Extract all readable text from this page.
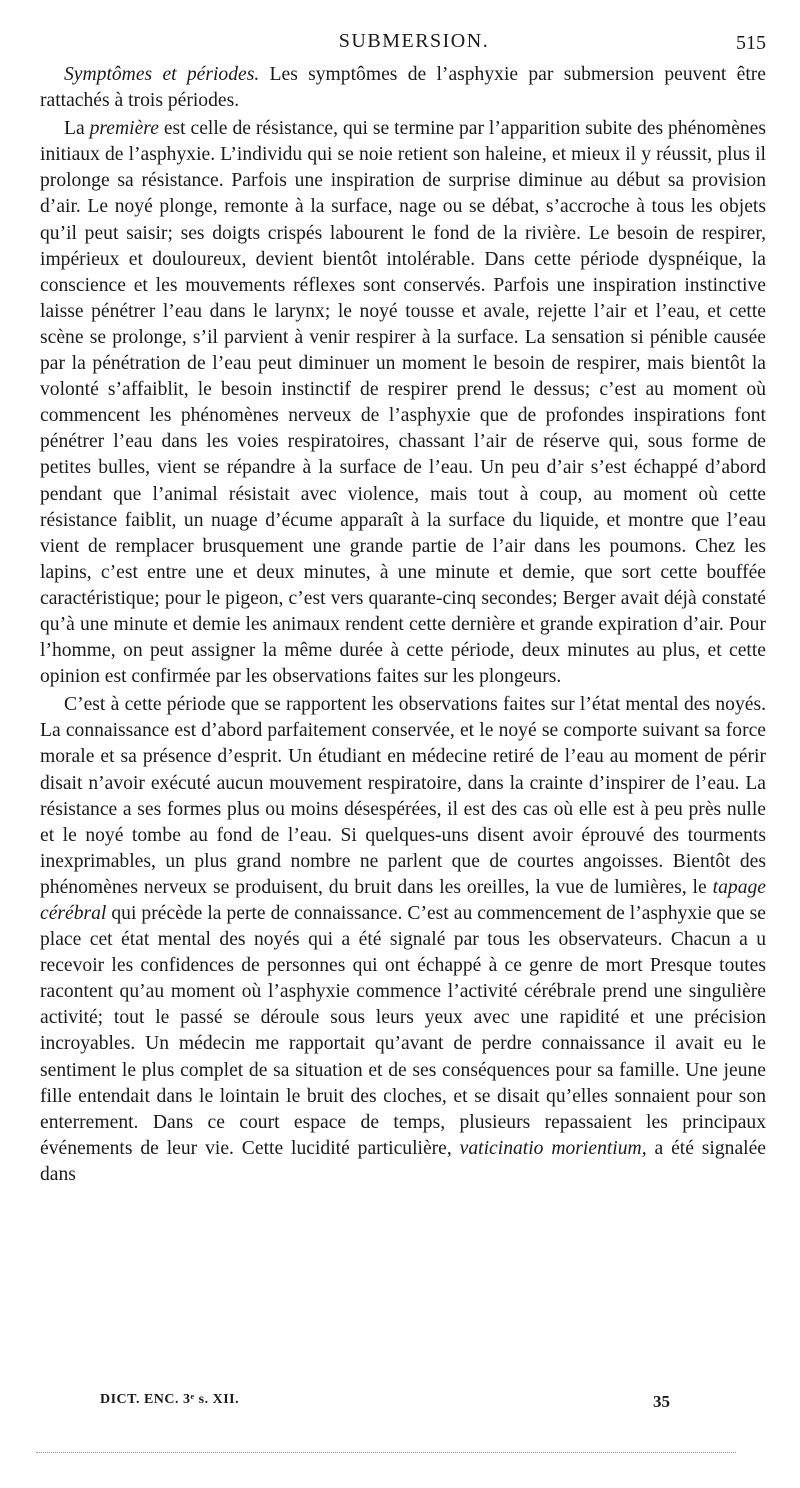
SUBMERSION.	515

Symptômes et périodes. Les symptômes de l’asphyxie par submersion peuvent être rattachés à trois périodes.

La première est celle de résistance, qui se termine par l’apparition subite des phénomènes initiaux de l’asphyxie. L’individu qui se noie retient son haleine, et mieux il y réussit, plus il prolonge sa résistance. Parfois une inspiration de surprise diminue au début sa provision d’air. Le noyé plonge, remonte à la surface, nage ou se débat, s’accroche à tous les objets qu’il peut saisir; ses doigts crispés labourent le fond de la rivière. Le besoin de respirer, impérieux et douloureux, devient bientôt intolérable. Dans cette période dyspnéique, la conscience et les mouvements réflexes sont conservés. Parfois une inspiration instinctive laisse pénétrer l’eau dans le larynx; le noyé tousse et avale, rejette l’air et l’eau, et cette scène se prolonge, s’il parvient à venir respirer à la surface. La sensation si pénible causée par la pénétration de l’eau peut diminuer un moment le besoin de respirer, mais bientôt la volonté s’affaiblit, le besoin instinctif de respirer prend le dessus; c’est au moment où commencent les phénomènes nerveux de l’asphyxie que de profondes inspirations font pénétrer l’eau dans les voies respiratoires, chassant l’air de réserve qui, sous forme de petites bulles, vient se répandre à la surface de l’eau. Un peu d’air s’est échappé d’abord pendant que l’animal résistait avec violence, mais tout à coup, au moment où cette résistance faiblit, un nuage d’écume apparaît à la surface du liquide, et montre que l’eau vient de remplacer brusquement une grande partie de l’air dans les poumons. Chez les lapins, c’est entre une et deux minutes, à une minute et demie, que sort cette bouffée caractéristique; pour le pigeon, c’est vers quarante-cinq secondes; Berger avait déjà constaté qu’à une minute et demie les animaux rendent cette dernière et grande expiration d’air. Pour l’homme, on peut assigner la même durée à cette période, deux minutes au plus, et cette opinion est confirmée par les observations faites sur les plongeurs.

C’est à cette période que se rapportent les observations faites sur l’état mental des noyés. La connaissance est d’abord parfaitement conservée, et le noyé se comporte suivant sa force morale et sa présence d’esprit. Un étudiant en médecine retiré de l’eau au moment de périr disait n’avoir exécuté aucun mouvement respiratoire, dans la crainte d’inspirer de l’eau. La résistance a ses formes plus ou moins désespérées, il est des cas où elle est à peu près nulle et le noyé tombe au fond de l’eau. Si quelques-uns disent avoir éprouvé des tourments inexprimables, un plus grand nombre ne parlent que de courtes angoisses. Bientôt des phénomènes nerveux se produisent, du bruit dans les oreilles, la vue de lumières, le tapage cérébral qui précède la perte de connaissance. C’est au commencement de l’asphyxie que se place cet état mental des noyés qui a été signalé par tous les observateurs. Chacun a u recevoir les confidences de personnes qui ont échappé à ce genre de mort Presque toutes racontent qu’au moment où l’asphyxie commence l’activité cérébrale prend une singulière activité; tout le passé se déroule sous leurs yeux avec une rapidité et une précision incroyables. Un médecin me rapportait qu’avant de perdre connaissance il avait eu le sentiment le plus complet de sa situation et de ses conséquences pour sa famille. Une jeune fille entendait dans le lointain le bruit des cloches, et se disait qu’elles sonnaient pour son enterrement. Dans ce court espace de temps, plusieurs repassaient les principaux événements de leur vie. Cette lucidité particulière, vaticinatio morientium, a été signalée dans

DICT. ENC. 3ᵉ s. XII.	35
